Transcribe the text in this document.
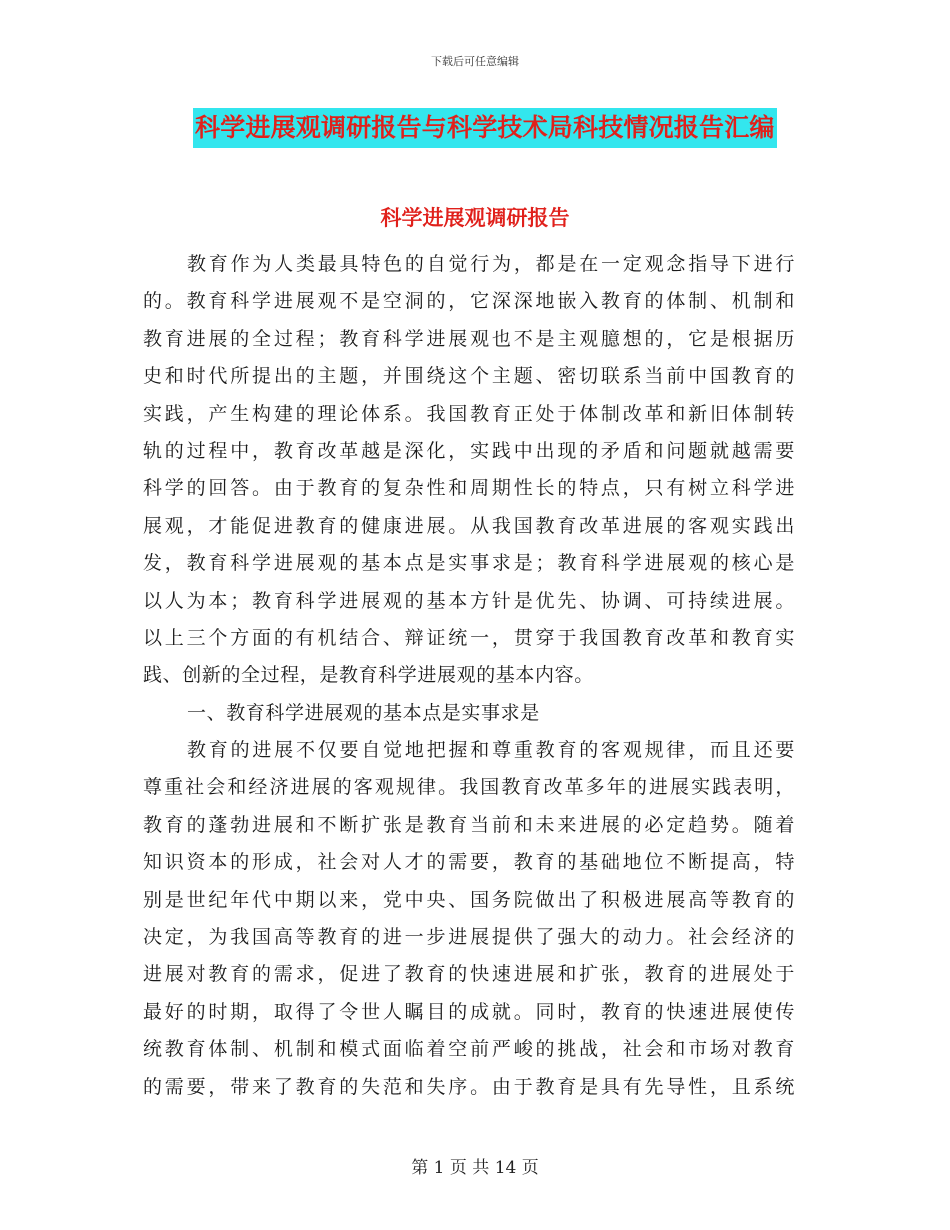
下载后可任意编辑
科学进展观调研报告与科学技术局科技情况报告汇编
科学进展观调研报告
教育作为人类最具特色的自觉行为，都是在一定观念指导下进行
的。教育科学进展观不是空洞的，它深深地嵌入教育的体制、机制和
教育进展的全过程；教育科学进展观也不是主观臆想的，它是根据历
史和时代所提出的主题，并围绕这个主题、密切联系当前中国教育的
实践，产生构建的理论体系。我国教育正处于体制改革和新旧体制转
轨的过程中，教育改革越是深化，实践中出现的矛盾和问题就越需要
科学的回答。由于教育的复杂性和周期性长的特点，只有树立科学进
展观，才能促进教育的健康进展。从我国教育改革进展的客观实践出
发，教育科学进展观的基本点是实事求是；教育科学进展观的核心是
以人为本；教育科学进展观的基本方针是优先、协调、可持续进展。
以上三个方面的有机结合、辩证统一，贯穿于我国教育改革和教育实
践、创新的全过程，是教育科学进展观的基本内容。
一、教育科学进展观的基本点是实事求是
教育的进展不仅要自觉地把握和尊重教育的客观规律，而且还要
尊重社会和经济进展的客观规律。我国教育改革多年的进展实践表明，
教育的蓬勃进展和不断扩张是教育当前和未来进展的必定趋势。随着
知识资本的形成，社会对人才的需要，教育的基础地位不断提高，特
别是世纪年代中期以来，党中央、国务院做出了积极进展高等教育的
决定，为我国高等教育的进一步进展提供了强大的动力。社会经济的
进展对教育的需求，促进了教育的快速进展和扩张，教育的进展处于
最好的时期，取得了令世人瞩目的成就。同时，教育的快速进展使传
统教育体制、机制和模式面临着空前严峻的挑战，社会和市场对教育
的需要，带来了教育的失范和失序。由于教育是具有先导性，且系统
第 1 页 共 14 页
